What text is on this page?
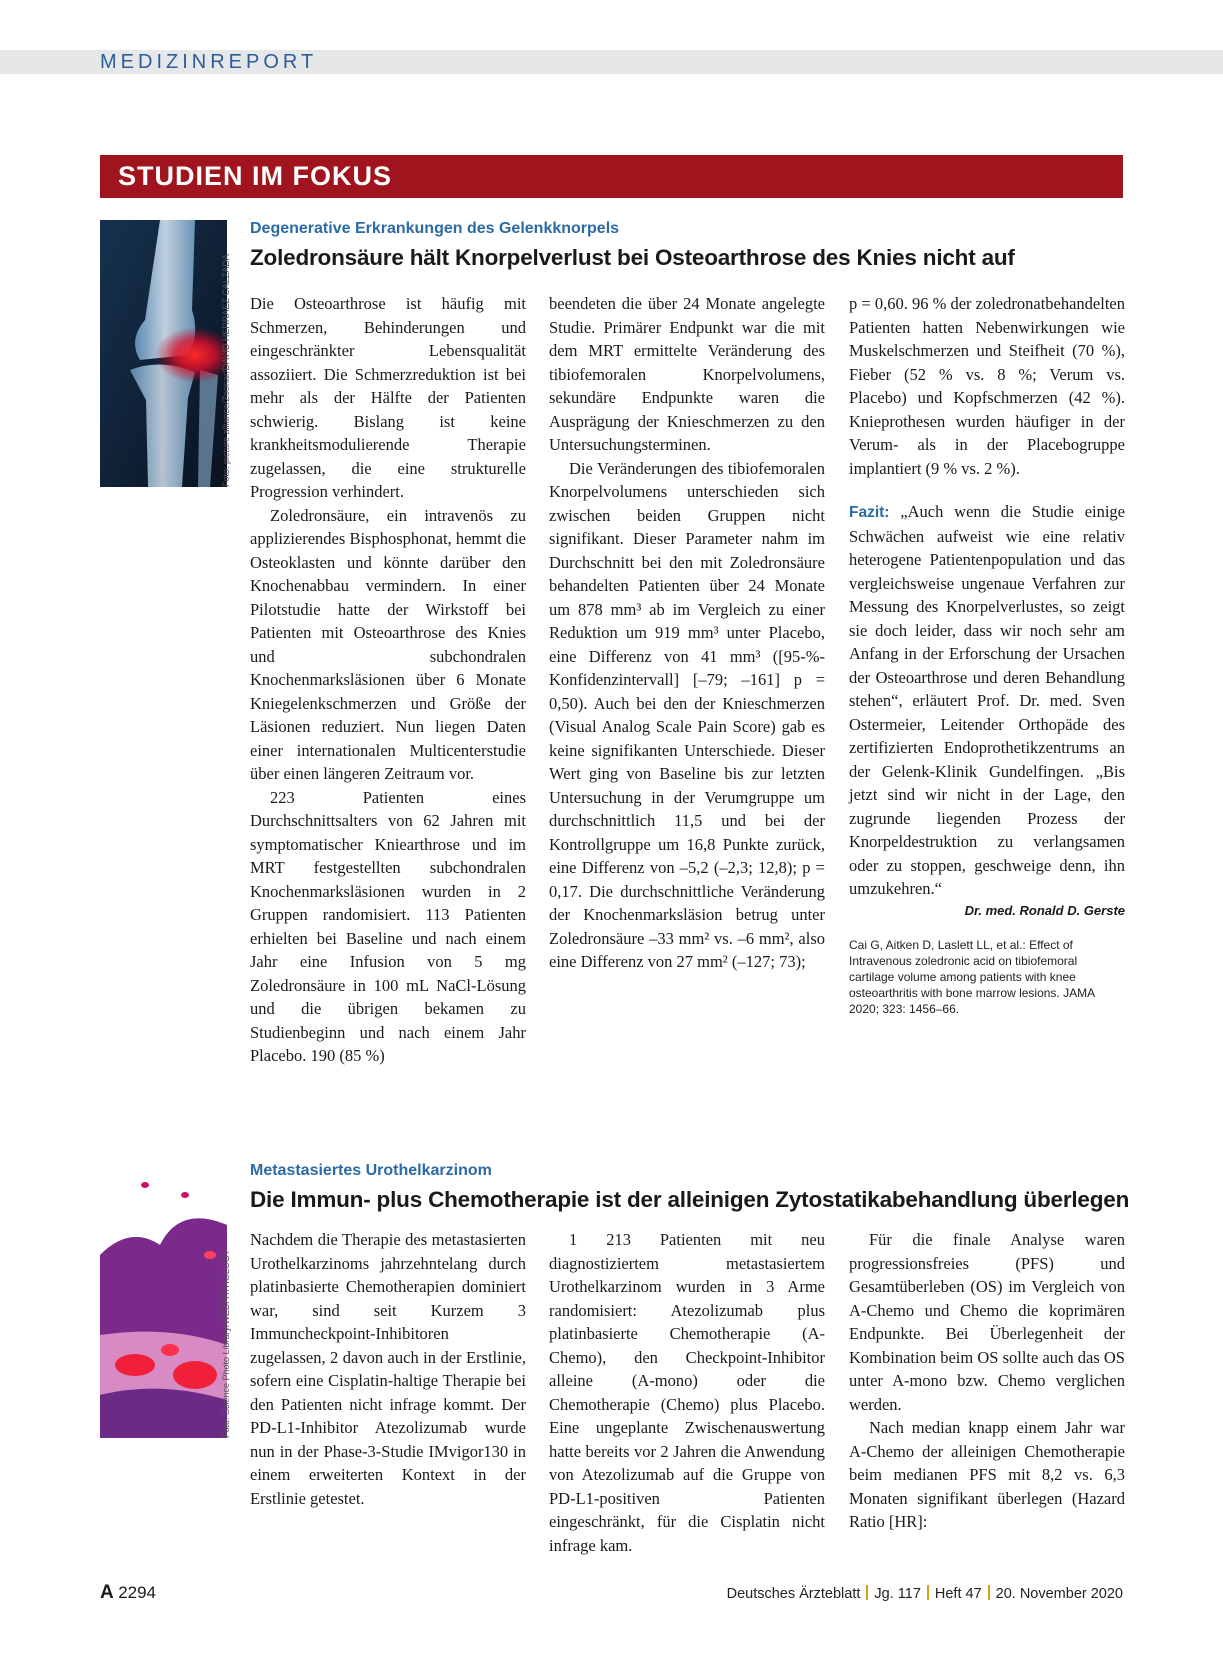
MEDIZINREPORT
STUDIEN IM FOKUS
Foto: picture alliance/Zoonar/DAVID HERRAEZ CALZADA
Degenerative Erkrankungen des Gelenkknorpels
Zoledronsäure hält Knorpelverlust bei Osteoarthrose des Knies nicht auf

Die Osteoarthrose ist häufig mit Schmerzen, Behinderungen und eingeschränkter Lebensqualität assoziiert. Die Schmerzreduktion ist bei mehr als der Hälfte der Patienten schwierig. Bislang ist keine krankheitsmodulierende Therapie zugelassen, die eine strukturelle Progression verhindert.

Zoledronsäure, ein intravenös zu applizierendes Bisphosphonat, hemmt die Osteoklasten und könnte darüber den Knochenabbau vermindern. In einer Pilotstudie hatte der Wirkstoff bei Patienten mit Osteoarthrose des Knies und subchondralen Knochenmarksläsionen über 6 Monate Kniegelenkschmerzen und Größe der Läsionen reduziert. Nun liegen Daten einer internationalen Multicenterstudie über einen längeren Zeitraum vor.

223 Patienten eines Durchschnittsalters von 62 Jahren mit symptomatischer Kniearthrose und im MRT festgestellten subchondralen Knochenmarksläsionen wurden in 2 Gruppen randomisiert. 113 Patienten erhielten bei Baseline und nach einem Jahr eine Infusion von 5 mg Zoledronsäure in 100 mL NaCl-Lösung und die übrigen bekamen zu Studienbeginn und nach einem Jahr Placebo. 190 (85 %)

beendeten die über 24 Monate angelegte Studie. Primärer Endpunkt war die mit dem MRT ermittelte Veränderung des tibiofemoralen Knorpelvolumens, sekundäre Endpunkte waren die Ausprägung der Knieschmerzen zu den Untersuchungsterminen.

Die Veränderungen des tibiofemoralen Knorpelvolumens unterschieden sich zwischen beiden Gruppen nicht signifikant. Dieser Parameter nahm im Durchschnitt bei den mit Zoledronsäure behandelten Patienten über 24 Monate um 878 mm³ ab im Vergleich zu einer Reduktion um 919 mm³ unter Placebo, eine Differenz von 41 mm³ ([95-%-Konfidenzintervall] [–79; –161] p = 0,50). Auch bei den der Knieschmerzen (Visual Analog Scale Pain Score) gab es keine signifikanten Unterschiede. Dieser Wert ging von Baseline bis zur letzten Untersuchung in der Verumgruppe um durchschnittlich 11,5 und bei der Kontrollgruppe um 16,8 Punkte zurück, eine Differenz von –5,2 (–2,3; 12,8); p = 0,17. Die durchschnittliche Veränderung der Knochenmarksläsion betrug unter Zoledronsäure –33 mm² vs. –6 mm², also eine Differenz von 27 mm² (–127; 73);

p = 0,60. 96 % der zoledronatbehandelten Patienten hatten Nebenwirkungen wie Muskelschmerzen und Steifheit (70 %), Fieber (52 % vs. 8 %; Verum vs. Placebo) und Kopfschmerzen (42 %). Knieprothesen wurden häufiger in der Verum- als in der Placebogruppe implantiert (9 % vs. 2 %).

Fazit: „Auch wenn die Studie einige Schwächen aufweist wie eine relativ heterogene Patientenpopulation und das vergleichsweise ungenaue Verfahren zur Messung des Knorpelverlustes, so zeigt sie doch leider, dass wir noch sehr am Anfang in der Erforschung der Ursachen der Osteoarthrose und deren Behandlung stehen“, erläutert Prof. Dr. med. Sven Ostermeier, Leitender Orthopäde des zertifizierten Endoprothetikzentrums an der Gelenk-Klinik Gundelfingen. „Bis jetzt sind wir nicht in der Lage, den zugrunde liegenden Prozess der Knorpeldestruktion zu verlangsamen oder zu stoppen, geschweige denn, ihn umzukehren.“

Dr. med. Ronald D. Gerste
Cai G, Aitken D, Laslett LL, et al.: Effect of Intravenous zoledronic acid on tibiofemoral cartilage volume among patients with knee osteoarthritis with bone marrow lesions. JAMA 2020; 323: 1456–66.
Foto: Science Photo Library/WEBPATHOLOGY
Metastasiertes Urothelkarzinom
Die Immun- plus Chemotherapie ist der alleinigen Zytostatikabehandlung überlegen

Nachdem die Therapie des metastasierten Urothelkarzinoms jahrzehntelang durch platinbasierte Chemotherapien dominiert war, sind seit Kurzem 3 Immuncheckpoint-Inhibitoren zugelassen, 2 davon auch in der Erstlinie, sofern eine Cisplatin-haltige Therapie bei den Patienten nicht infrage kommt. Der PD-L1-Inhibitor Atezolizumab wurde nun in der Phase-3-Studie IMvigor130 in einem erweiterten Kontext in der Erstlinie getestet.

1 213 Patienten mit neu diagnostiziertem metastasiertem Urothelkarzinom wurden in 3 Arme randomisiert: Atezolizumab plus platinbasierte Chemotherapie (A-Chemo), den Checkpoint-Inhibitor alleine (A-mono) oder die Chemotherapie (Chemo) plus Placebo. Eine ungeplante Zwischenauswertung hatte bereits vor 2 Jahren die Anwendung von Atezolizumab auf die Gruppe von PD-L1-positiven Patienten eingeschränkt, für die Cisplatin nicht infrage kam.

Für die finale Analyse waren progressionsfreies (PFS) und Gesamtüberleben (OS) im Vergleich von A-Chemo und Chemo die koprimären Endpunkte. Bei Überlegenheit der Kombination beim OS sollte auch das OS unter A-mono bzw. Chemo verglichen werden.

Nach median knapp einem Jahr war A-Chemo der alleinigen Chemotherapie beim medianen PFS mit 8,2 vs. 6,3 Monaten signifikant überlegen (Hazard Ratio [HR]:

A 2294	Deutsches Ärzteblatt Jg. 117 Heft 47 20. November 2020
